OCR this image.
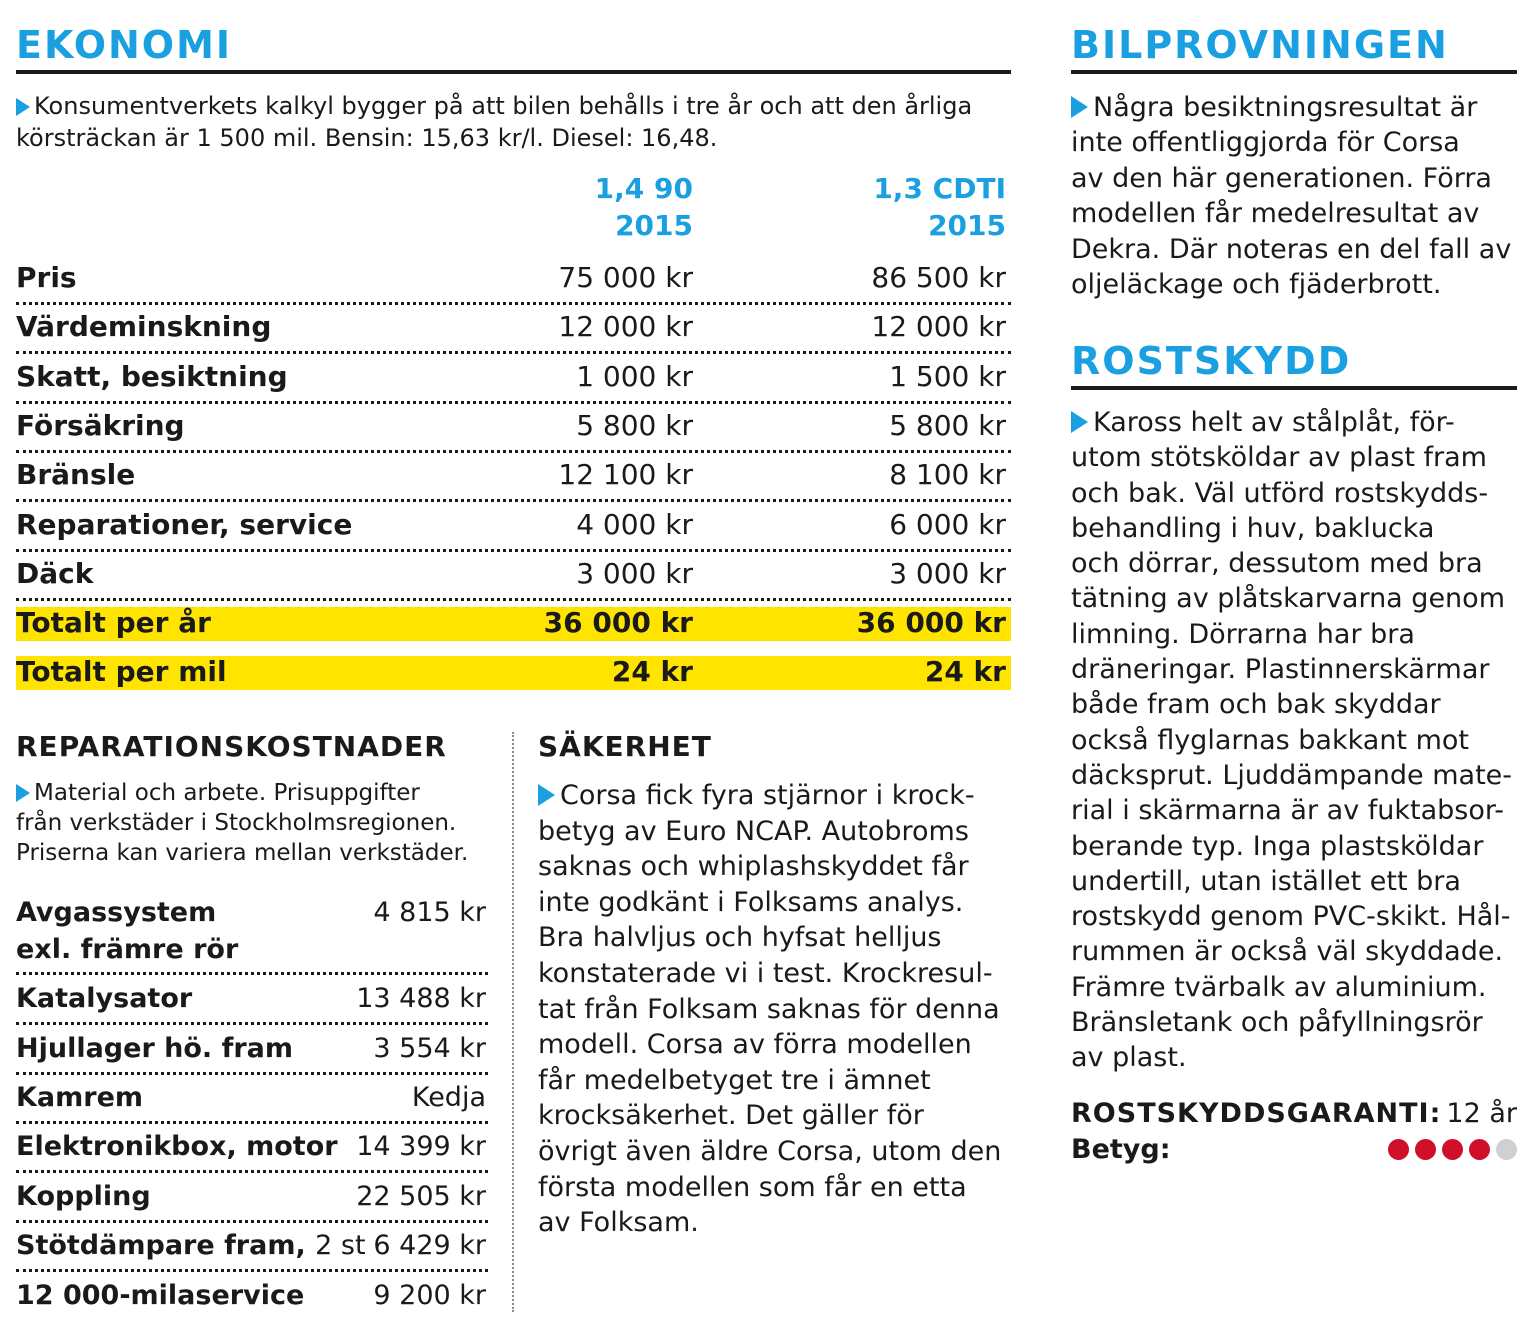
EKONOMI

Konsumentverkets kalkyl bygger på att bilen behålls i tre år och att den årliga körsträckan är 1 500 mil. Bensin: 15,63 kr/l. Diesel: 16,48.

1,4 90
2015
1,3 CDTI
2015
Pris	75 000 kr	86 500 kr
Värdeminskning	12 000 kr	12 000 kr
Skatt, besiktning	1 000 kr	1 500 kr
Försäkring	5 800 kr	5 800 kr
Bränsle	12 100 kr	8 100 kr
Reparationer, service	4 000 kr	6 000 kr
Däck	3 000 kr	3 000 kr
Totalt per år	36 000 kr	36 000 kr
Totalt per mil	24 kr	24 kr
REPARATIONSKOSTNADER
Material och arbete. Prisuppgifter
från verkstäder i Stockholmsregionen.
Priserna kan variera mellan verkstäder.
Avgassystem
exl. främre rör
4 815 kr
Katalysator	13 488 kr
Hjullager hö. fram	3 554 kr
Kamrem	Kedja
Elektronikbox, motor 14 399 kr
Koppling	22 505 kr
Stötdämpare fram, 2 st 6 429 kr
12 000-milaservice	9 200 kr
SÄKERHET
Corsa fick fyra stjärnor i krock-
betyg av Euro NCAP. Autobroms
saknas och whiplashskyddet får
inte godkänt i Folksams analys.
Bra halvljus och hyfsat helljus
konstaterade vi i test. Krockresul-
tat från Folksam saknas för denna
modell. Corsa av förra modellen
får medelbetyget tre i ämnet
krocksäkerhet. Det gäller för
övrigt även äldre Corsa, utom den
första modellen som får en etta
av Folksam.
BILPROVNINGEN
Några besiktningsresultat är
inte offentliggjorda för Corsa
av den här generationen. Förra
modellen får medelresultat av
Dekra. Där noteras en del fall av
oljeläckage och fjäderbrott.
ROSTSKYDD
Kaross helt av stålplåt, för-
utom stötsköldar av plast fram
och bak. Väl utförd rostskydds-
behandling i huv, baklucka
och dörrar, dessutom med bra
tätning av plåtskarvarna genom
limning. Dörrarna har bra
dräneringar. Plastinnerskärmar
både fram och bak skyddar
också flyglarnas bakkant mot
däcksprut. Ljuddämpande mate-
rial i skärmarna är av fuktabsor-
berande typ. Inga plastsköldar
undertill, utan istället ett bra
rostskydd genom PVC-skikt. Hål-
rummen är också väl skyddade.
Främre tvärbalk av aluminium.
Bränsletank och påfyllningsrör
av plast.
ROSTSKYDDSGARANTI: 12 år
Betyg:
